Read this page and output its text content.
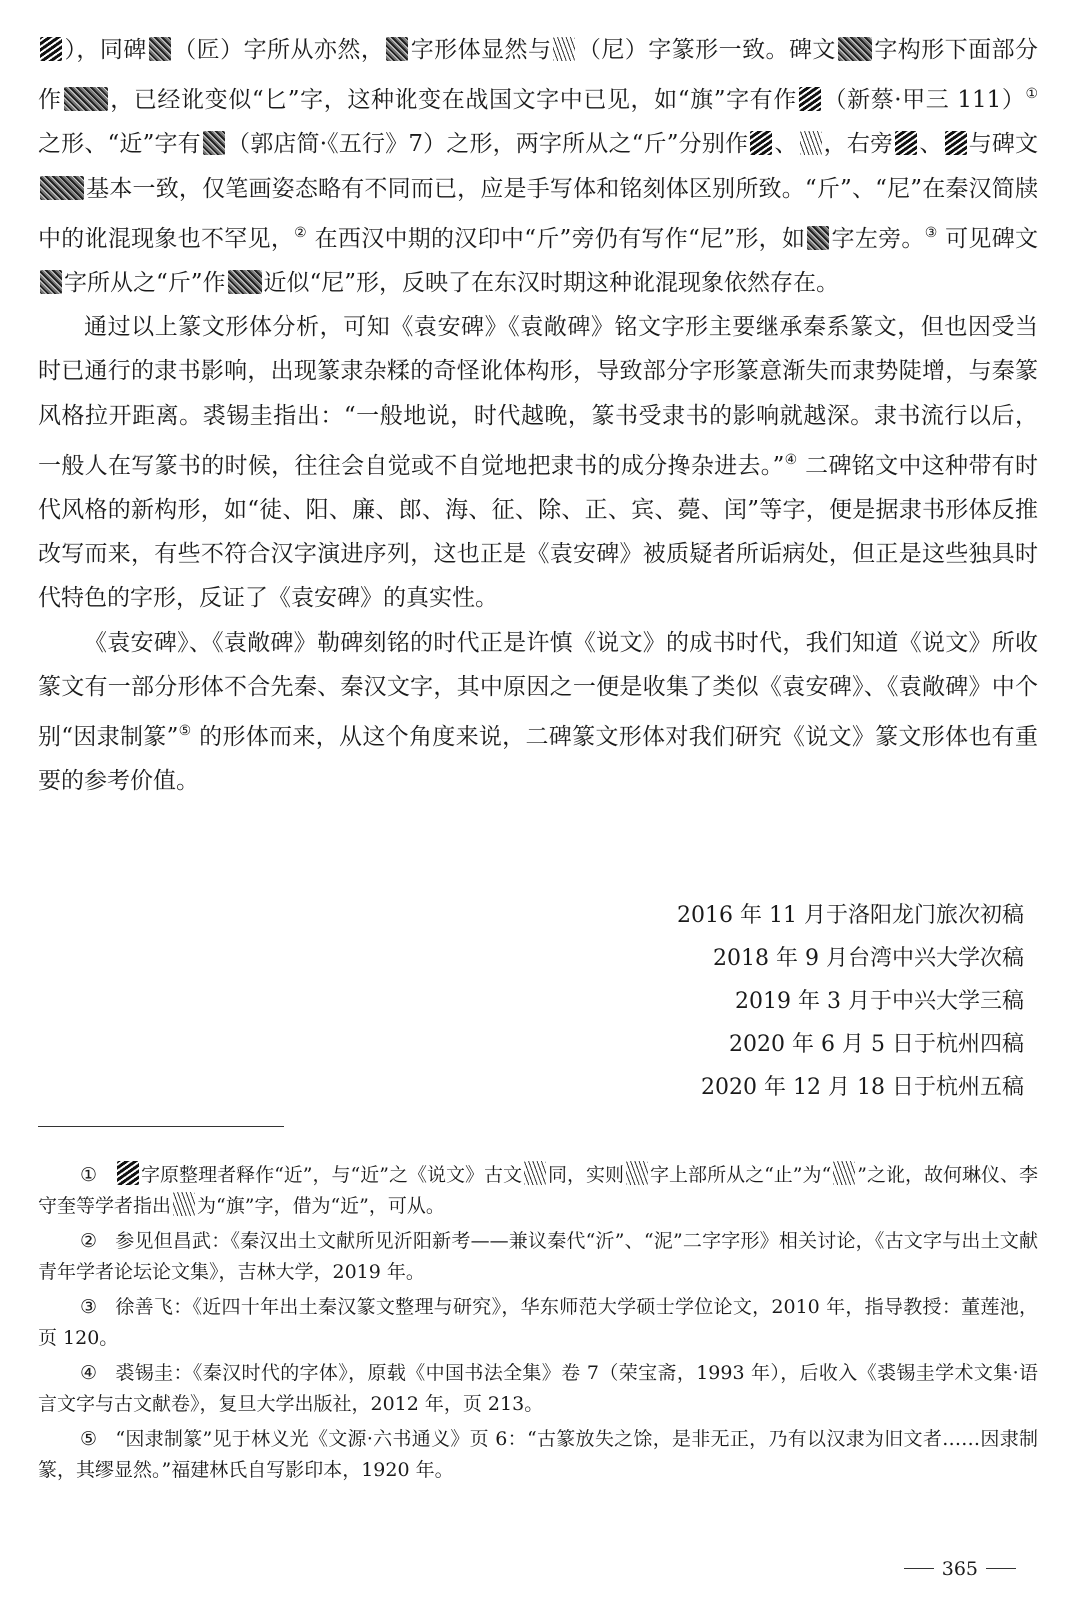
），同碑 （匠）字所从亦然， 字形体显然与 （尼）字篆形一致。碑文 字构形下面部分作 ，已经讹变似“匕”字，这种讹变在战国文字中已见，如“旗”字有作 （新蔡·甲三 111）① 之形、“近”字有 （郭店简·《五行》7）之形，两字所从之“斤”分别作 、 ，右旁 、 与碑文基本一致，仅笔画姿态略有不同而已，应是手写体和铭刻体区别所致。“斤”、“尼”在秦汉简牍中的讹混现象也不罕见，② 在西汉中期的汉印中“斤”旁仍有写作“尼”形，如 字左旁。③ 可见碑文字所从之“斤”作 近似“尼”形，反映了在东汉时期这种讹混现象依然存在。

通过以上篆文形体分析，可知《袁安碑》《袁敞碑》铭文字形主要继承秦系篆文，但也因受当时已通行的隶书影响，出现篆隶杂糅的奇怪讹体构形，导致部分字形篆意渐失而隶势陡增，与秦篆风格拉开距离。裘锡圭指出：“一般地说，时代越晚，篆书受隶书的影响就越深。隶书流行以后，一般人在写篆书的时候，往往会自觉或不自觉地把隶书的成分搀杂进去。”④ 二碑铭文中这种带有时代风格的新构形，如“徒、阳、廉、郎、海、征、除、正、宾、薨、闰”等字，便是据隶书形体反推改写而来，有些不符合汉字演进序列，这也正是《袁安碑》被质疑者所诟病处，但正是这些独具时代特色的字形，反证了《袁安碑》的真实性。

《袁安碑》、《袁敞碑》勒碑刻铭的时代正是许慎《说文》的成书时代，我们知道《说文》所收篆文有一部分形体不合先秦、秦汉文字，其中原因之一便是收集了类似《袁安碑》、《袁敞碑》中个别“因隶制篆”⑤ 的形体而来，从这个角度来说，二碑篆文形体对我们研究《说文》篆文形体也有重要的参考价值。

2016 年 11 月于洛阳龙门旅次初稿
2018 年 9 月台湾中兴大学次稿
2019 年 3 月于中兴大学三稿
2020 年 6 月 5 日于杭州四稿
2020 年 12 月 18 日于杭州五稿

① 字原整理者释作“近”，与“近”之《说文》古文 同，实则 字上部所从之“止”为“ ”之讹，故何琳仪、李守奎等学者指出 为“旗”字，借为“近”，可从。

② 参见但昌武：《秦汉出土文献所见沂阳新考——兼议秦代“沂”、“泥”二字字形》相关讨论，《古文字与出土文献青年学者论坛论文集》，吉林大学，2019 年。

③ 徐善飞：《近四十年出土秦汉篆文整理与研究》，华东师范大学硕士学位论文，2010 年，指导教授：董莲池，页 120。

④ 裘锡圭：《秦汉时代的字体》，原载《中国书法全集》卷 7（荣宝斋，1993 年），后收入《裘锡圭学术文集·语言文字与古文献卷》，复旦大学出版社，2012 年，页 213。

⑤ “因隶制篆”见于林义光《文源·六书通义》页 6：“古篆放失之馀，是非无正，乃有以汉隶为旧文者……因隶制篆，其缪显然。”福建林氏自写影印本，1920 年。

365
